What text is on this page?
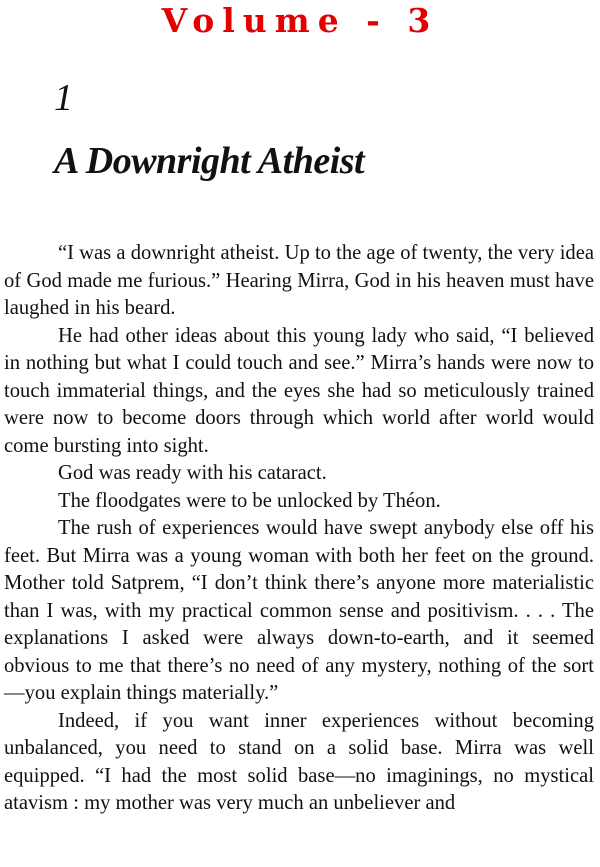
Volume - 3
1
A Downright Atheist

“I was a downright atheist. Up to the age of twenty, the very idea of God made me furious.” Hearing Mirra, God in his heaven must have laughed in his beard.

He had other ideas about this young lady who said, “I believed in nothing but what I could touch and see.” Mirra’s hands were now to touch immaterial things, and the eyes she had so meticulously trained were now to become doors through which world after world would come bursting into sight.

God was ready with his cataract.

The floodgates were to be unlocked by Théon.

The rush of experiences would have swept anybody else off his feet. But Mirra was a young woman with both her feet on the ground. Mother told Satprem, “I don’t think there’s anyone more materialistic than I was, with my practical common sense and positivism. . . . The explanations I asked were always down-to-earth, and it seemed obvious to me that there’s no need of any mystery, nothing of the sort—you explain things materially.”

Indeed, if you want inner experiences without becoming unbalanced, you need to stand on a solid base. Mirra was well equipped. “I had the most solid base—no imaginings, no mystical atavism : my mother was very much an unbeliever and
